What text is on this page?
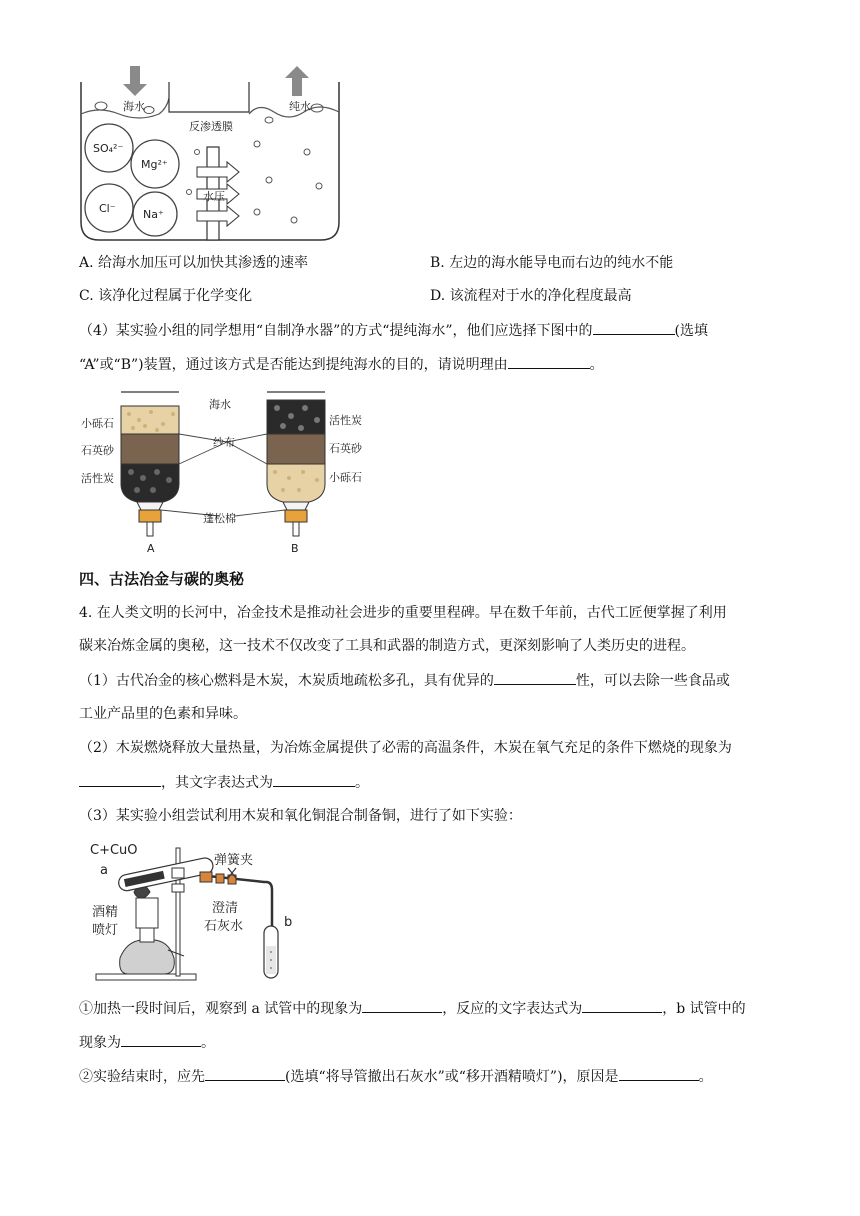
海水
反渗透膜
纯水
水压
SO₄²⁻
Mg²⁺
Cl⁻ Na⁺
A. 给海水加压可以加快其渗透的速率	B. 左边的海水能导电而右边的纯水不能
C. 该净化过程属于化学变化	D. 该流程对于水的净化程度最高
（4）某实验小组的同学想用“自制净水器”的方式“提纯海水”，他们应选择下图中的	(选填
“A”或“B”)装置，通过该方式是否能达到提纯海水的目的，请说明理由	。
海水
小砾石
石英砂
活性炭
活性炭
石英砂
小砾石
纱布
蓬松棉
A	B
四、古法冶金与碳的奥秘
4. 在人类文明的长河中，冶金技术是推动社会进步的重要里程碑。早在数千年前，古代工匠便掌握了利用
碳来冶炼金属的奥秘，这一技术不仅改变了工具和武器的制造方式，更深刻影响了人类历史的进程。
（1）古代冶金的核心燃料是木炭，木炭质地疏松多孔，具有优异的	性，可以去除一些食品或
工业产品里的色素和异味。
（2）木炭燃烧释放大量热量，为冶炼金属提供了必需的高温条件，木炭在氧气充足的条件下燃烧的现象为
，其文字表达式为	。
（3）某实验小组尝试利用木炭和氧化铜混合制备铜，进行了如下实验：
C+CuO
a
弹簧夹
酒精
喷灯
澄清
石灰水	b
①加热一段时间后，观察到 a 试管中的现象为	，反应的文字表达式为	，b 试管中的
现象为	。
②实验结束时，应先	(选填“将导管撤出石灰水”或“移开酒精喷灯”)，原因是	。
